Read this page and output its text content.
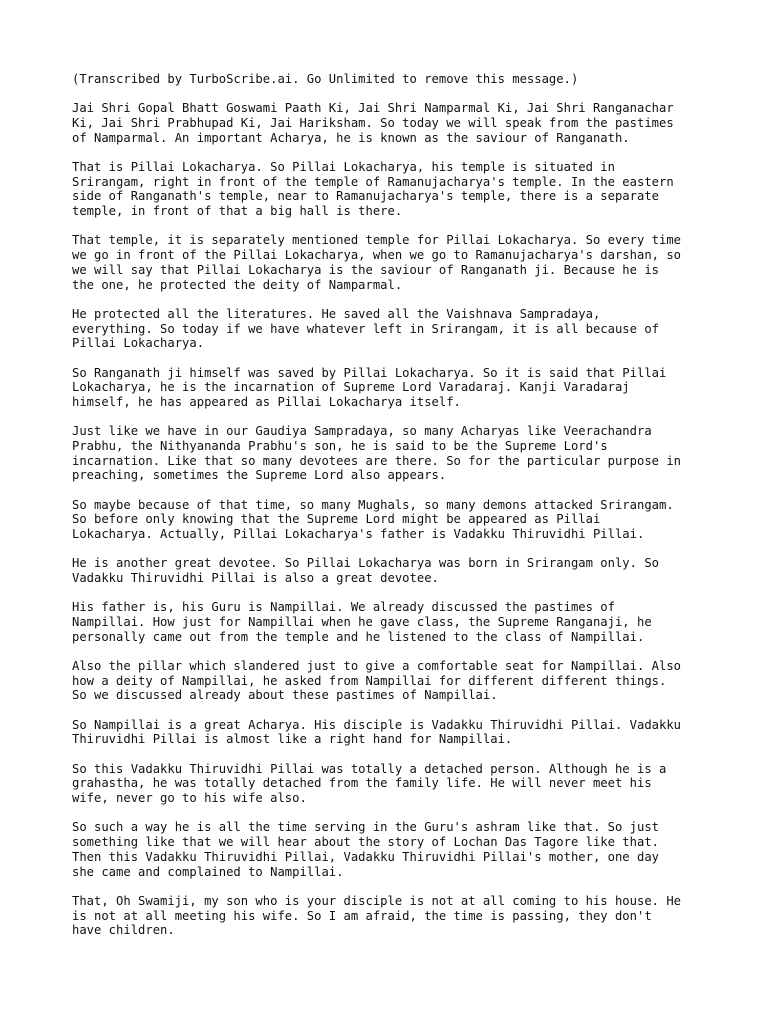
(Transcribed by TurboScribe.ai. Go Unlimited to remove this message.)

Jai Shri Gopal Bhatt Goswami Paath Ki, Jai Shri Namparmal Ki, Jai Shri Ranganachar
Ki, Jai Shri Prabhupad Ki, Jai Hariksham. So today we will speak from the pastimes
of Namparmal. An important Acharya, he is known as the saviour of Ranganath.

That is Pillai Lokacharya. So Pillai Lokacharya, his temple is situated in
Srirangam, right in front of the temple of Ramanujacharya's temple. In the eastern
side of Ranganath's temple, near to Ramanujacharya's temple, there is a separate
temple, in front of that a big hall is there.

That temple, it is separately mentioned temple for Pillai Lokacharya. So every time
we go in front of the Pillai Lokacharya, when we go to Ramanujacharya's darshan, so
we will say that Pillai Lokacharya is the saviour of Ranganath ji. Because he is
the one, he protected the deity of Namparmal.

He protected all the literatures. He saved all the Vaishnava Sampradaya,
everything. So today if we have whatever left in Srirangam, it is all because of
Pillai Lokacharya.

So Ranganath ji himself was saved by Pillai Lokacharya. So it is said that Pillai
Lokacharya, he is the incarnation of Supreme Lord Varadaraj. Kanji Varadaraj
himself, he has appeared as Pillai Lokacharya itself.

Just like we have in our Gaudiya Sampradaya, so many Acharyas like Veerachandra
Prabhu, the Nithyananda Prabhu's son, he is said to be the Supreme Lord's
incarnation. Like that so many devotees are there. So for the particular purpose in
preaching, sometimes the Supreme Lord also appears.

So maybe because of that time, so many Mughals, so many demons attacked Srirangam.
So before only knowing that the Supreme Lord might be appeared as Pillai
Lokacharya. Actually, Pillai Lokacharya's father is Vadakku Thiruvidhi Pillai.

He is another great devotee. So Pillai Lokacharya was born in Srirangam only. So
Vadakku Thiruvidhi Pillai is also a great devotee.

His father is, his Guru is Nampillai. We already discussed the pastimes of
Nampillai. How just for Nampillai when he gave class, the Supreme Ranganaji, he
personally came out from the temple and he listened to the class of Nampillai.

Also the pillar which slandered just to give a comfortable seat for Nampillai. Also
how a deity of Nampillai, he asked from Nampillai for different different things.
So we discussed already about these pastimes of Nampillai.

So Nampillai is a great Acharya. His disciple is Vadakku Thiruvidhi Pillai. Vadakku
Thiruvidhi Pillai is almost like a right hand for Nampillai.

So this Vadakku Thiruvidhi Pillai was totally a detached person. Although he is a
grahastha, he was totally detached from the family life. He will never meet his
wife, never go to his wife also.

So such a way he is all the time serving in the Guru's ashram like that. So just
something like that we will hear about the story of Lochan Das Tagore like that.
Then this Vadakku Thiruvidhi Pillai, Vadakku Thiruvidhi Pillai's mother, one day
she came and complained to Nampillai.

That, Oh Swamiji, my son who is your disciple is not at all coming to his house. He
is not at all meeting his wife. So I am afraid, the time is passing, they don't
have children.
